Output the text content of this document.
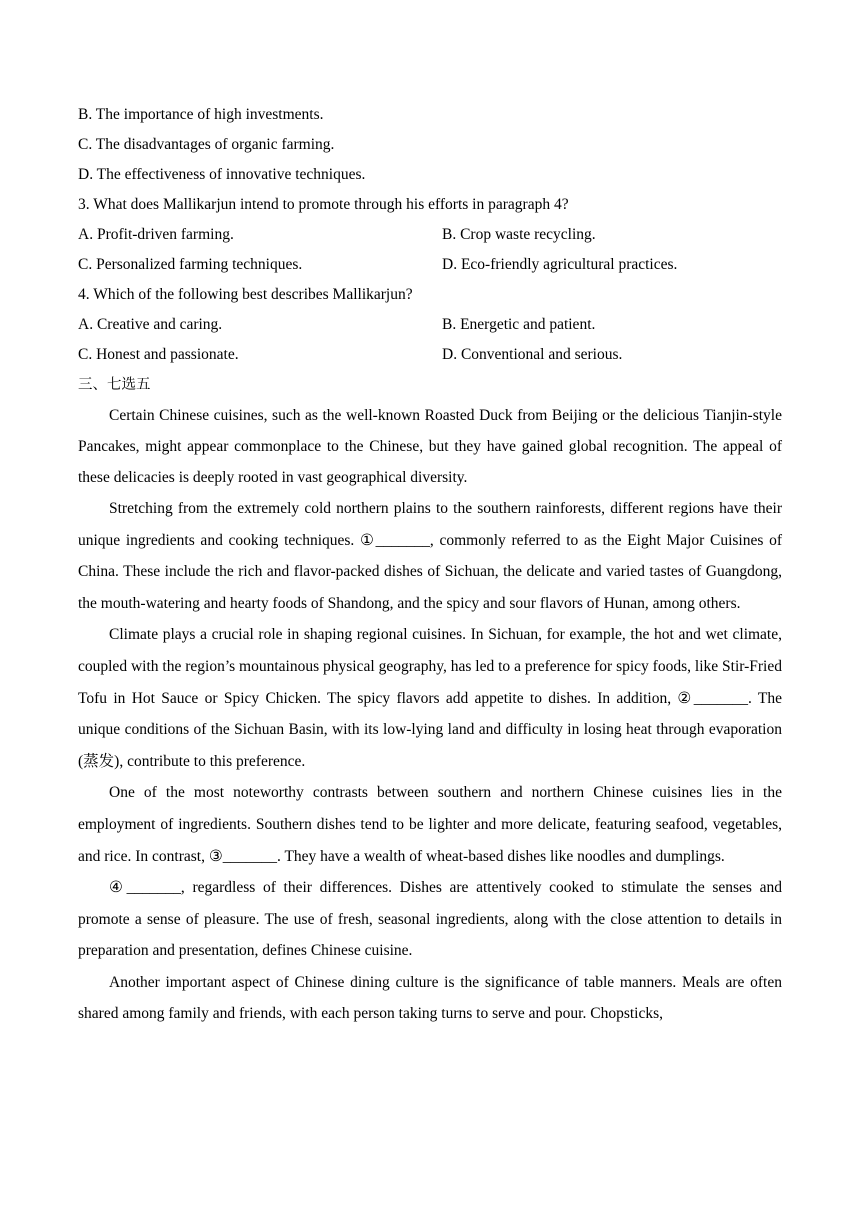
B. The importance of high investments.
C. The disadvantages of organic farming.
D. The effectiveness of innovative techniques.
3. What does Mallikarjun intend to promote through his efforts in paragraph 4?
A. Profit-driven farming.	B. Crop waste recycling.
C. Personalized farming techniques.	D. Eco-friendly agricultural practices.
4. Which of the following best describes Mallikarjun?
A. Creative and caring.	B. Energetic and patient.
C. Honest and passionate.	D. Conventional and serious.
三、七选五

Certain Chinese cuisines, such as the well-known Roasted Duck from Beijing or the delicious Tianjin-style Pancakes, might appear commonplace to the Chinese, but they have gained global recognition. The appeal of these delicacies is deeply rooted in vast geographical diversity.

Stretching from the extremely cold northern plains to the southern rainforests, different regions have their unique ingredients and cooking techniques. ①_______, commonly referred to as the Eight Major Cuisines of China. These include the rich and flavor-packed dishes of Sichuan, the delicate and varied tastes of Guangdong, the mouth-watering and hearty foods of Shandong, and the spicy and sour flavors of Hunan, among others.

Climate plays a crucial role in shaping regional cuisines. In Sichuan, for example, the hot and wet climate, coupled with the region’s mountainous physical geography, has led to a preference for spicy foods, like Stir-Fried Tofu in Hot Sauce or Spicy Chicken. The spicy flavors add appetite to dishes. In addition, ②_______. The unique conditions of the Sichuan Basin, with its low-lying land and difficulty in losing heat through evaporation (蒸发), contribute to this preference.

One of the most noteworthy contrasts between southern and northern Chinese cuisines lies in the employment of ingredients. Southern dishes tend to be lighter and more delicate, featuring seafood, vegetables, and rice. In contrast, ③_______. They have a wealth of wheat-based dishes like noodles and dumplings.

④_______, regardless of their differences. Dishes are attentively cooked to stimulate the senses and promote a sense of pleasure. The use of fresh, seasonal ingredients, along with the close attention to details in preparation and presentation, defines Chinese cuisine.

Another important aspect of Chinese dining culture is the significance of table manners. Meals are often shared among family and friends, with each person taking turns to serve and pour. Chopsticks,
